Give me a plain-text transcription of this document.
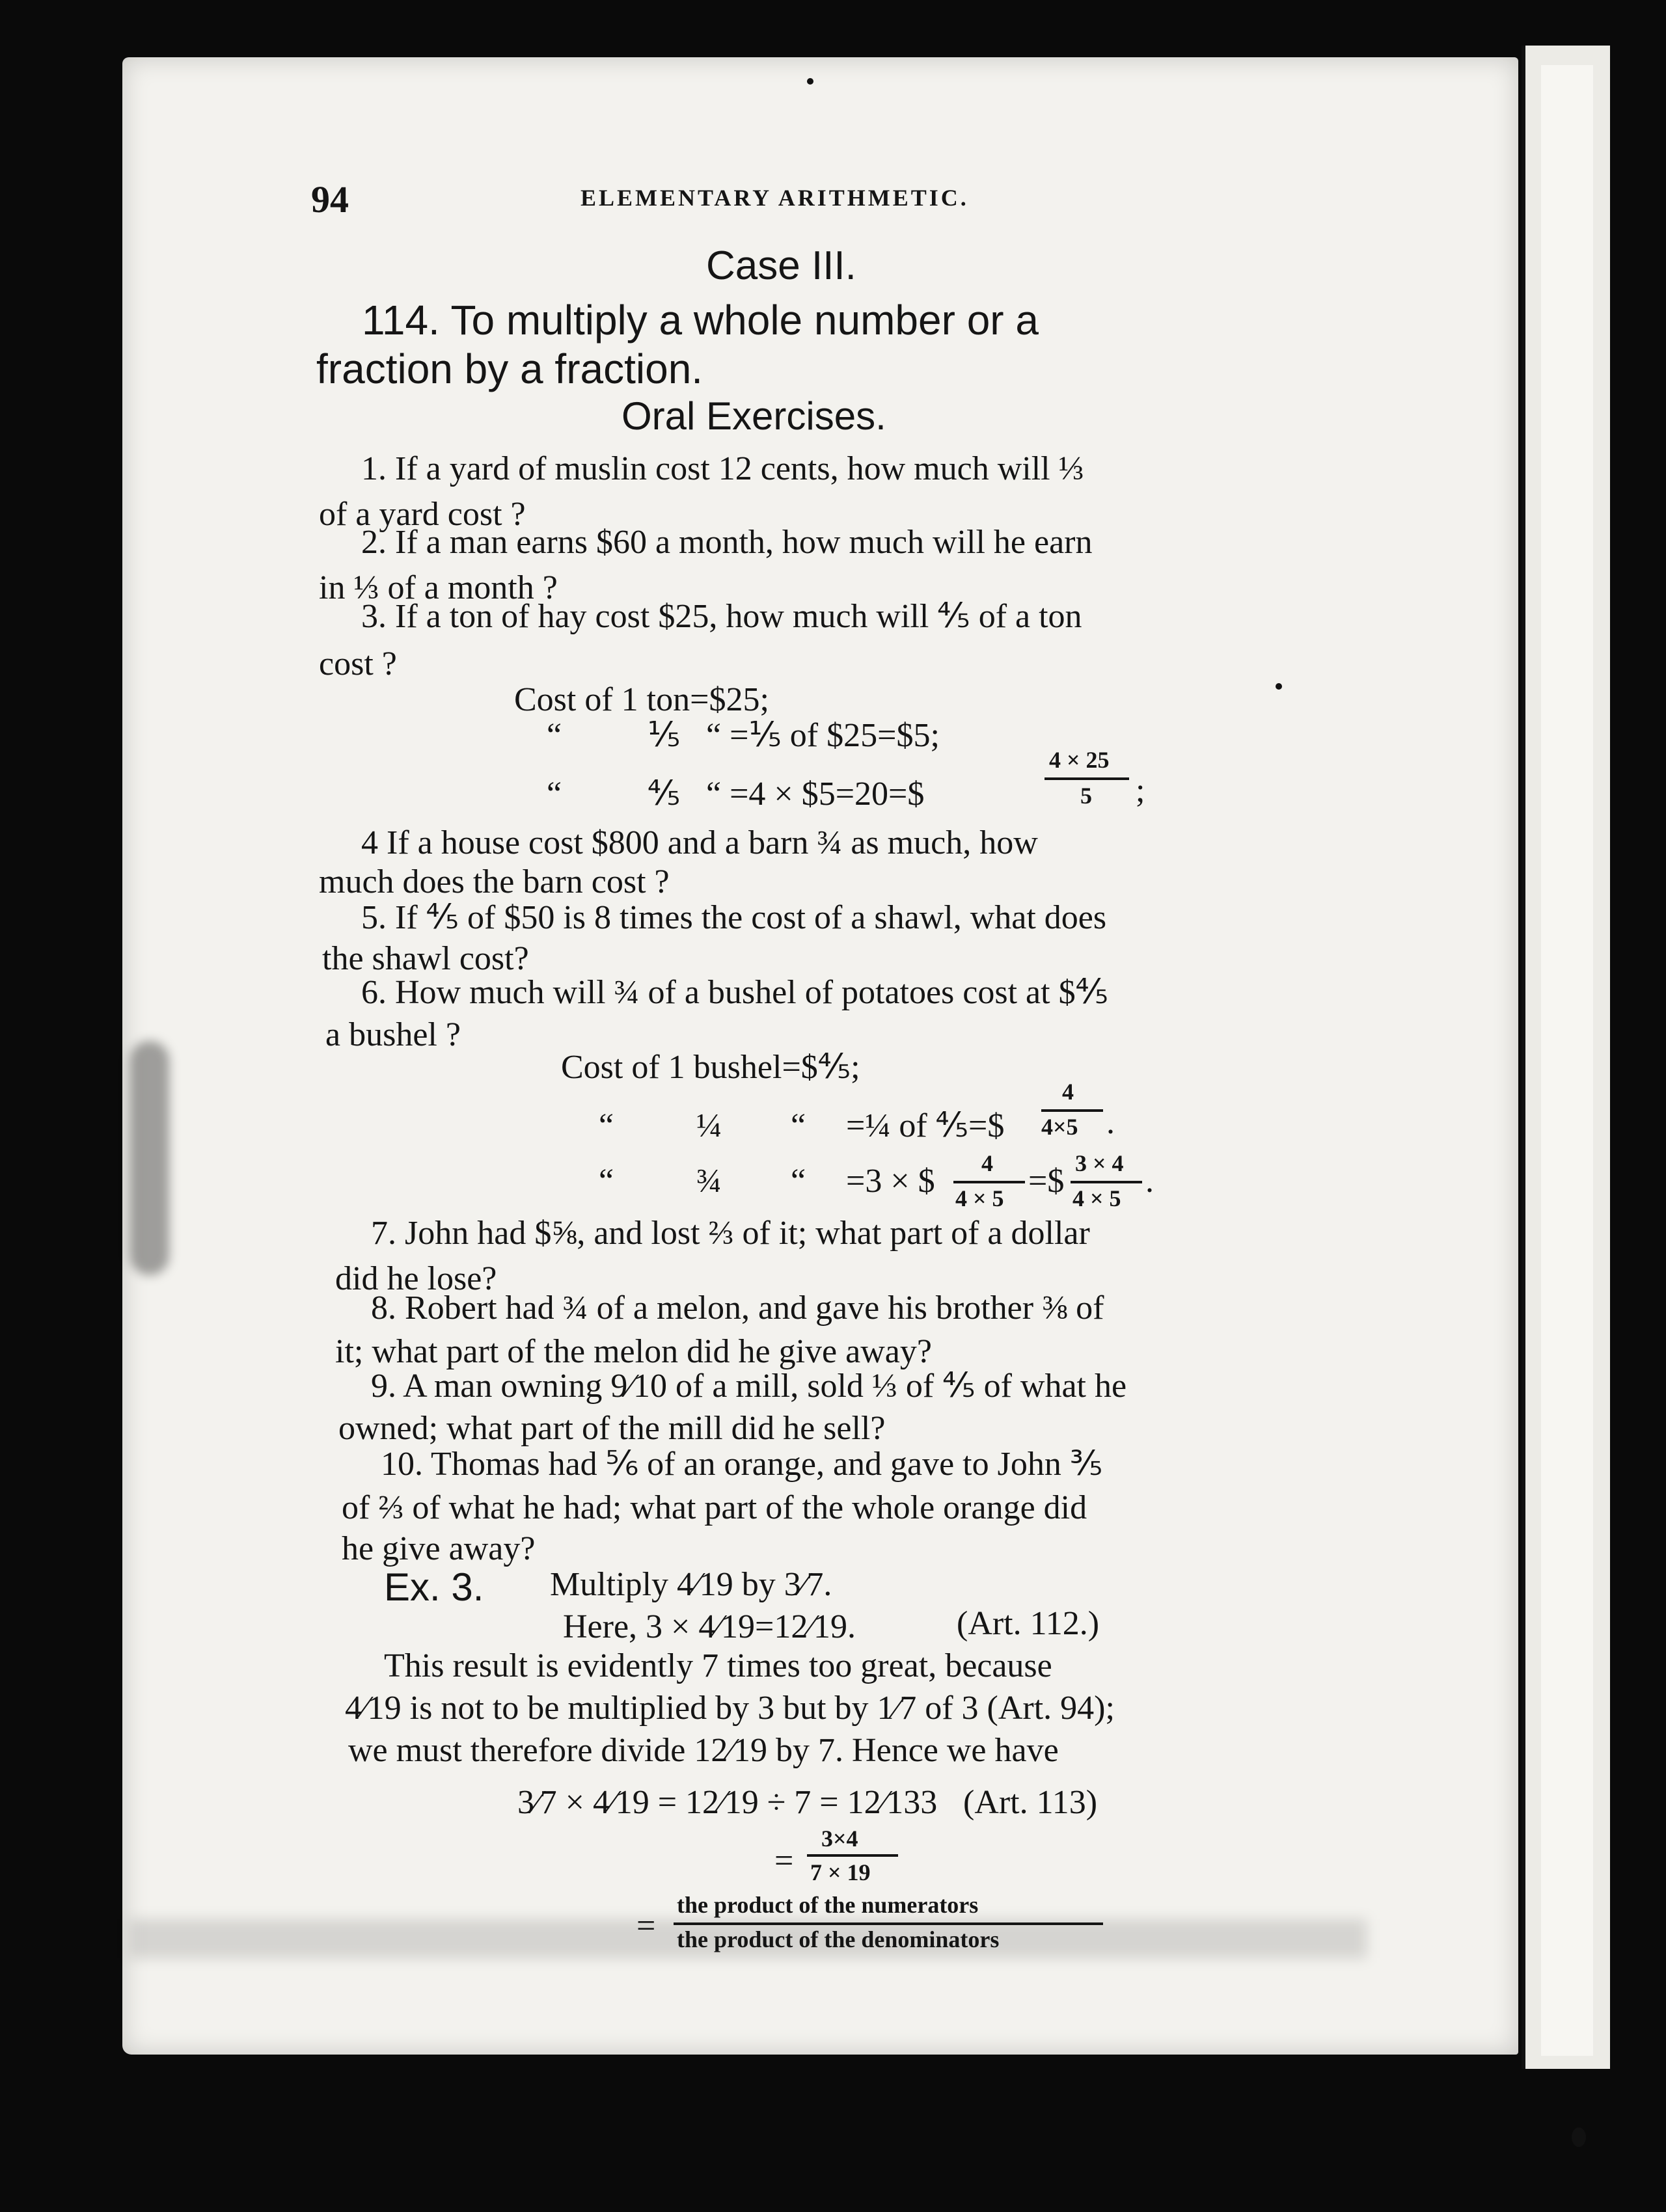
94	ELEMENTARY ARITHMETIC.
Case III.
114. To multiply a whole number or a
fraction by a fraction.
Oral Exercises.
1. If a yard of muslin cost 12 cents, how much will ⅓
of a yard cost ?
2. If a man earns $60 a month, how much will he earn
in ⅓ of a month ?
3. If a ton of hay cost $25, how much will ⅘ of a ton
cost ?
Cost of 1 ton=$25;
“	⅕ “ =⅕ of $25=$5;
“	⅘ “ =4 × $5=20=$
4 × 25
5 ;
4 If a house cost $800 and a barn ¾ as much, how
much does the barn cost ?
5. If ⅘ of $50 is 8 times the cost of a shawl, what does
the shawl cost?
6. How much will ¾ of a bushel of potatoes cost at $⅘
a bushel ?
Cost of 1 bushel=$⅘;
“ ¼ “ =¼ of ⅘=$
4
4×5 .
“ ¾ “ =3 × $ 4
4 × 5 =$ 3 × 4
4 × 5 .
7. John had $⅝, and lost ⅔ of it; what part of a dollar
did he lose?
8. Robert had ¾ of a melon, and gave his brother ⅜ of
it; what part of the melon did he give away?
9. A man owning 9⁄10 of a mill, sold ⅓ of ⅘ of what he
owned; what part of the mill did he sell?
10. Thomas had ⅚ of an orange, and gave to John ⅗
of ⅔ of what he had; what part of the whole orange did
he give away?
Ex. 3. Multiply 4⁄19 by 3⁄7.
Here, 3 × 4⁄19=12⁄19.	(Art. 112.)
This result is evidently 7 times too great, because
4⁄19 is not to be multiplied by 3 but by 1⁄7 of 3 (Art. 94);
we must therefore divide 12⁄19 by 7. Hence we have
3⁄7 × 4⁄19 = 12⁄19 ÷ 7 = 12⁄133 (Art. 113)
=
3×4
7 × 19
=
the product of the numerators
the product of the denominators
